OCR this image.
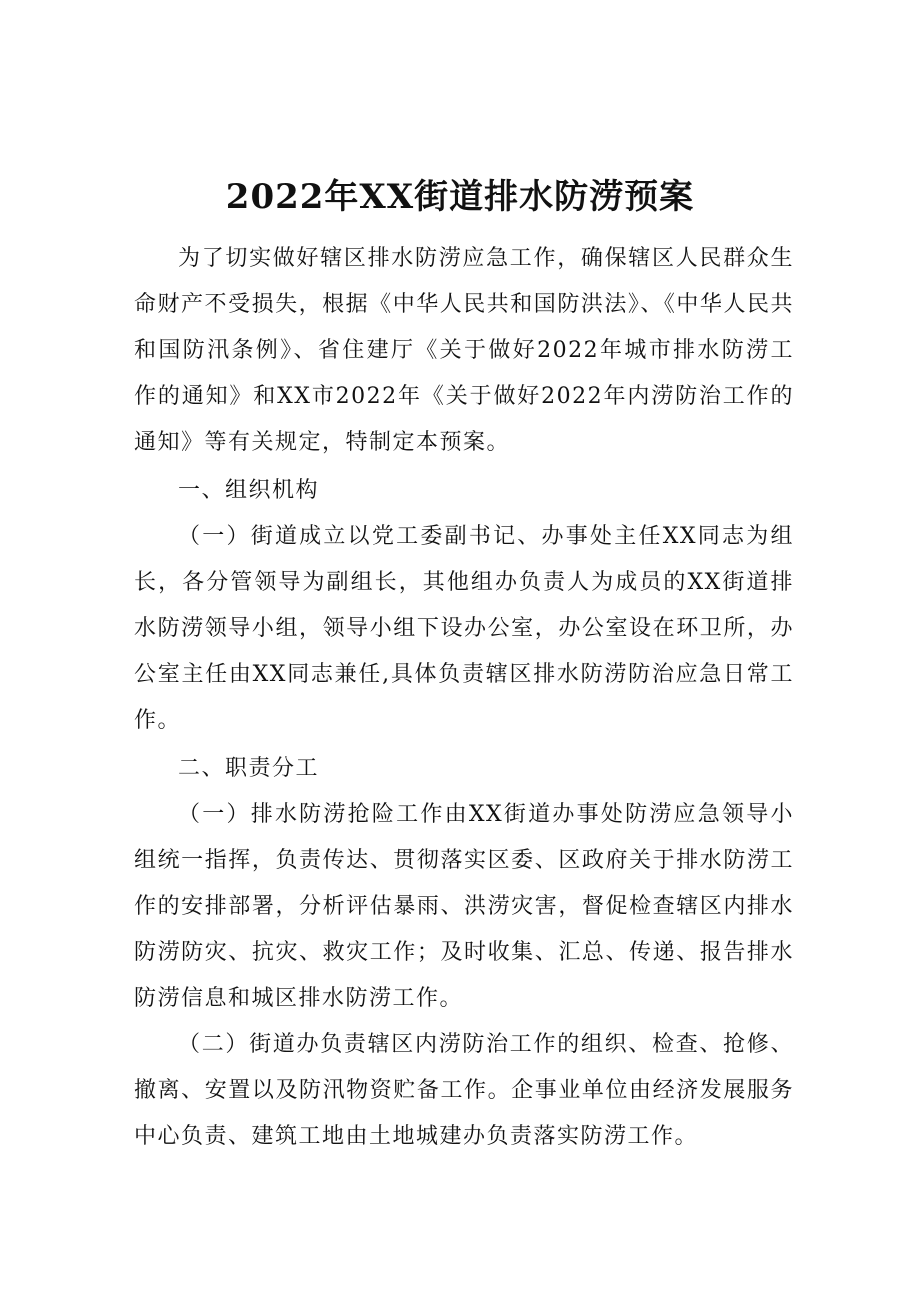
2022年XX街道排水防涝预案

为了切实做好辖区排水防涝应急工作，确保辖区人民群众生命财产不受损失，根据《中华人民共和国防洪法》、《中华人民共和国防汛条例》、省住建厅《关于做好2022年城市排水防涝工作的通知》和XX市2022年《关于做好2022年内涝防治工作的通知》等有关规定，特制定本预案。

一、组织机构

（一）街道成立以党工委副书记、办事处主任XX同志为组长，各分管领导为副组长，其他组办负责人为成员的XX街道排水防涝领导小组，领导小组下设办公室，办公室设在环卫所，办公室主任由XX同志兼任,具体负责辖区排水防涝防治应急日常工作。

二、职责分工

（一）排水防涝抢险工作由XX街道办事处防涝应急领导小组统一指挥，负责传达、贯彻落实区委、区政府关于排水防涝工作的安排部署，分析评估暴雨、洪涝灾害，督促检查辖区内排水防涝防灾、抗灾、救灾工作；及时收集、汇总、传递、报告排水防涝信息和城区排水防涝工作。

（二）街道办负责辖区内涝防治工作的组织、检查、抢修、撤离、安置以及防汛物资贮备工作。企事业单位由经济发展服务中心负责、建筑工地由土地城建办负责落实防涝工作。
